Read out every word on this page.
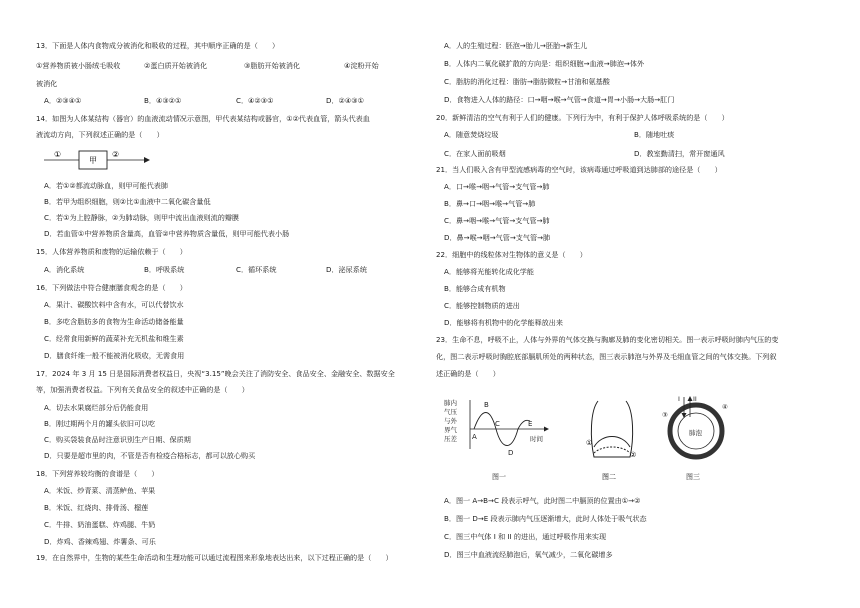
13．下面是人体内食物成分被消化和吸收的过程，其中顺序正确的是（　　）
①营养物质被小肠绒毛吸收	②蛋白质开始被消化	③脂肪开始被消化	④淀粉开始
被消化
A．②③④①	B．④③②①	C．④②③①	D．②④③①
14．如图为人体某结构（器官）的血液流动情况示意图，甲代表某结构或器官，①②代表血管，箭头代表血
液流动方向，下列叙述正确的是（　　）
①
甲
②
A．若①②都流动脉血，则甲可能代表肺
B．若甲为组织细胞，则②比①血液中二氧化碳含量低
C．若①为上腔静脉，②为肺动脉，则甲中流出血液则流的瓣膜
D．若血管①中营养物质含量高，血管②中营养物质含量低，则甲可能代表小肠
15．人体营养物质和废物的运输依赖于（　　）
A．消化系统	B．呼吸系统	C．循环系统	D．泌尿系统
16．下列做法中符合健康膳食观念的是（　　）
A．果汁、碳酸饮料中含有水，可以代替饮水
B．多吃含脂肪多的食物为生命活动储备能量
C．经常食用新鲜的蔬菜补充无机盐和维生素
D．膳食纤维一般不能被消化吸收，无需食用
17．2024 年 3 月 15 日是国际消费者权益日，央视“3.15”晚会关注了消防安全、食品安全、金融安全、数据安全
等，加强消费者权益。下列有关食品安全的叙述中正确的是（　　）
A．切去水果腐烂部分后仍能食用
B．刚过期两个月的罐头依旧可以吃
C．购买袋装食品时注意识别生产日期、保质期
D．只要是超市里的肉，不管是否有检疫合格标志，都可以放心购买
18．下列营养较均衡的食谱是（　　）
A．米饭、炒青菜、清蒸鲈鱼、苹果
B．米饭、红烧肉、排骨汤、榴莲
C．牛排、奶油蛋糕、炸鸡腿、牛奶
D．炸鸡、香辣鸡翅、炸薯条、可乐
19．在自然界中，生物的某些生命活动和生理功能可以通过流程图来形象地表达出来，以下过程正确的是（　　）
A．人的生殖过程：胚泡→胎儿→胚胎→新生儿
B．人体内二氧化碳扩散的方向是：组织细胞→血液→肺泡→体外
C．脂肪的消化过程：脂肪→脂肪微粒→甘油和氨基酸
D．食物进入人体的路径：口→咽→喉→气管→食道→胃→小肠→大肠→肛门
20．新鲜清洁的空气有利于人们的健康。下列行为中，有利于保护人体呼吸系统的是（　　）
A．随意焚烧垃圾	B．随地吐痰
C．在家人面前吸烟	D．教室勤清扫，常开窗通风
21．当人们吸入含有甲型流感病毒的空气时，该病毒通过呼吸道到达肺部的途径是（　　）
A．口→喉→咽→气管→支气管→肺
B．鼻→口→咽→喉→气管→肺
C．鼻→咽→喉→气管→支气管→肺
D．鼻→喉→咽→气管→支气管→肺
22．细胞中的线粒体对生物体的意义是（　　）
A．能够将光能转化成化学能
B．能够合成有机物
C．能够控制物质的进出
D．能够将有机物中的化学能释放出来
23．生命不息，呼吸不止，人体与外界的气体交换与胸廓及肺的变化密切相关。图一表示呼吸时肺内气压的变
化，图二表示呼吸时胸腔底部膈肌所处的两种状态，图三表示肺泡与外界及毛细血管之间的气体交换。下列叙
述正确的是（　　）
肺内
气压
与外
界气
压差 A
B
C
D
E
时间
图一
①
②
图二
I II
③
④
肺泡
图三
A．图一 A→B→C 段表示呼气，此时图二中膈顶的位置由①→②
B．图一 D→E 段表示肺内气压逐渐增大，此时人体处于吸气状态
C．图三中气体 I 和 II 的进出，通过呼吸作用来实现
D．图三中血液流经肺泡后，氧气减少，二氧化碳增多
